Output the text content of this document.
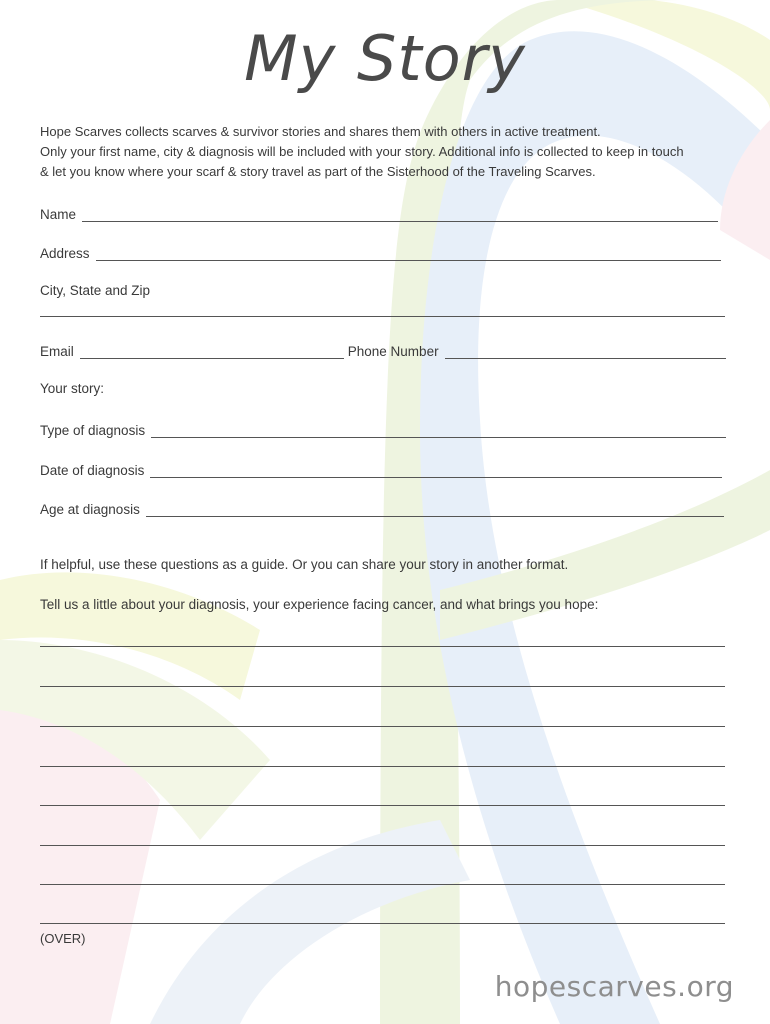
My Story

Hope Scarves collects scarves & survivor stories and shares them with others in active treatment.
Only your first name, city & diagnosis will be included with your story. Additional info is collected to keep in touch
& let you know where your scarf & story travel as part of the Sisterhood of the Traveling Scarves.

Name
Address

City, State and Zip

Email	Phone Number

Your story:

Type of diagnosis
Date of diagnosis
Age at diagnosis

If helpful, use these questions as a guide. Or you can share your story in another format.

Tell us a little about your diagnosis, your experience facing cancer, and what brings you hope:

(OVER)
hopescarves.org
